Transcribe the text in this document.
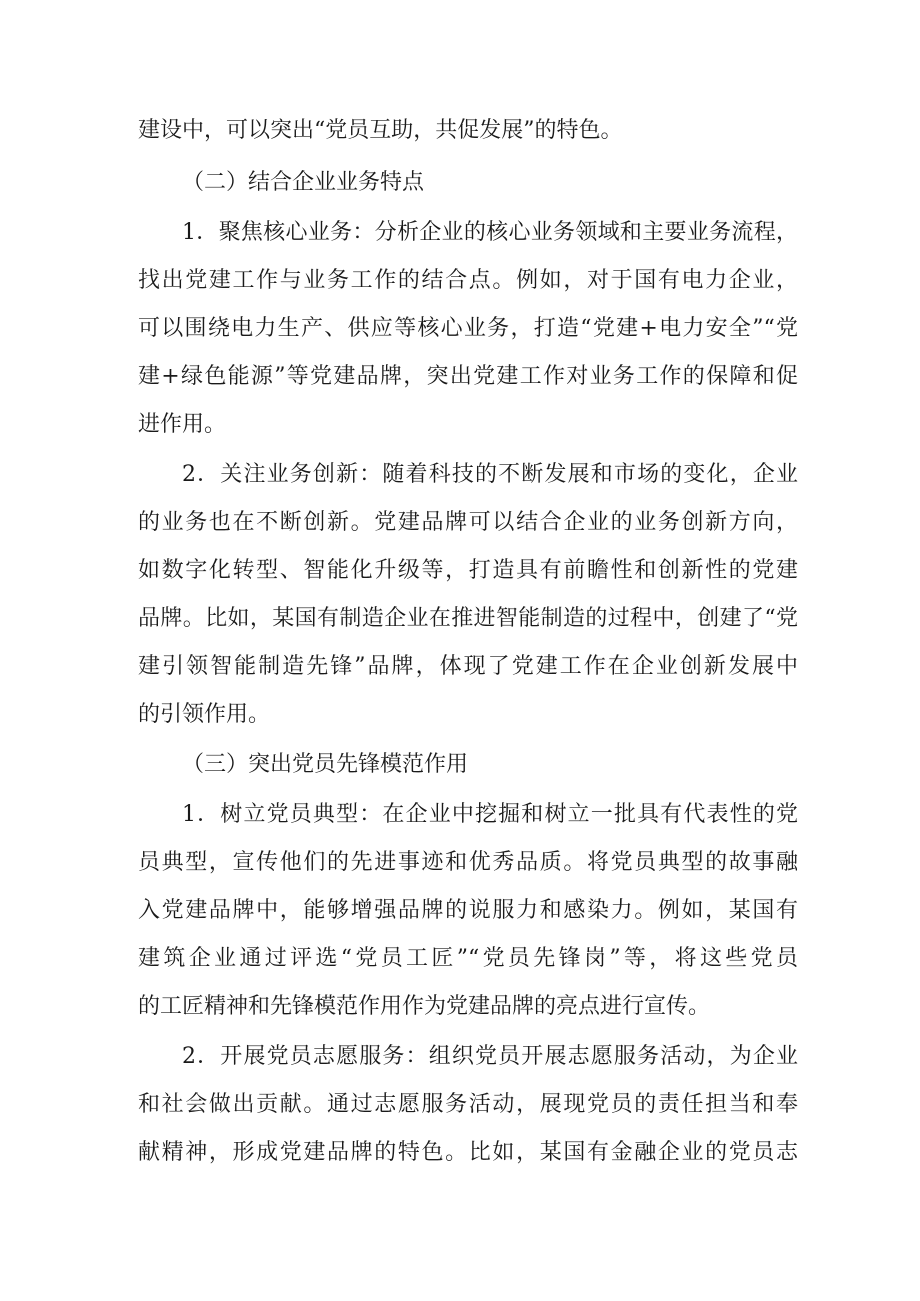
建设中，可以突出“党员互助，共促发展”的特色。
（二）结合企业业务特点
1．聚焦核心业务：分析企业的核心业务领域和主要业务流程，
找出党建工作与业务工作的结合点。例如，对于国有电力企业，
可以围绕电力生产、供应等核心业务，打造“党建+电力安全”“党
建+绿色能源”等党建品牌，突出党建工作对业务工作的保障和促
进作用。
2．关注业务创新：随着科技的不断发展和市场的变化，企业
的业务也在不断创新。党建品牌可以结合企业的业务创新方向，
如数字化转型、智能化升级等，打造具有前瞻性和创新性的党建
品牌。比如，某国有制造企业在推进智能制造的过程中，创建了“党
建引领智能制造先锋”品牌，体现了党建工作在企业创新发展中
的引领作用。
（三）突出党员先锋模范作用
1．树立党员典型：在企业中挖掘和树立一批具有代表性的党
员典型，宣传他们的先进事迹和优秀品质。将党员典型的故事融
入党建品牌中，能够增强品牌的说服力和感染力。例如，某国有
建筑企业通过评选“党员工匠”“党员先锋岗”等，将这些党员
的工匠精神和先锋模范作用作为党建品牌的亮点进行宣传。
2．开展党员志愿服务：组织党员开展志愿服务活动，为企业
和社会做出贡献。通过志愿服务活动，展现党员的责任担当和奉
献精神，形成党建品牌的特色。比如，某国有金融企业的党员志
